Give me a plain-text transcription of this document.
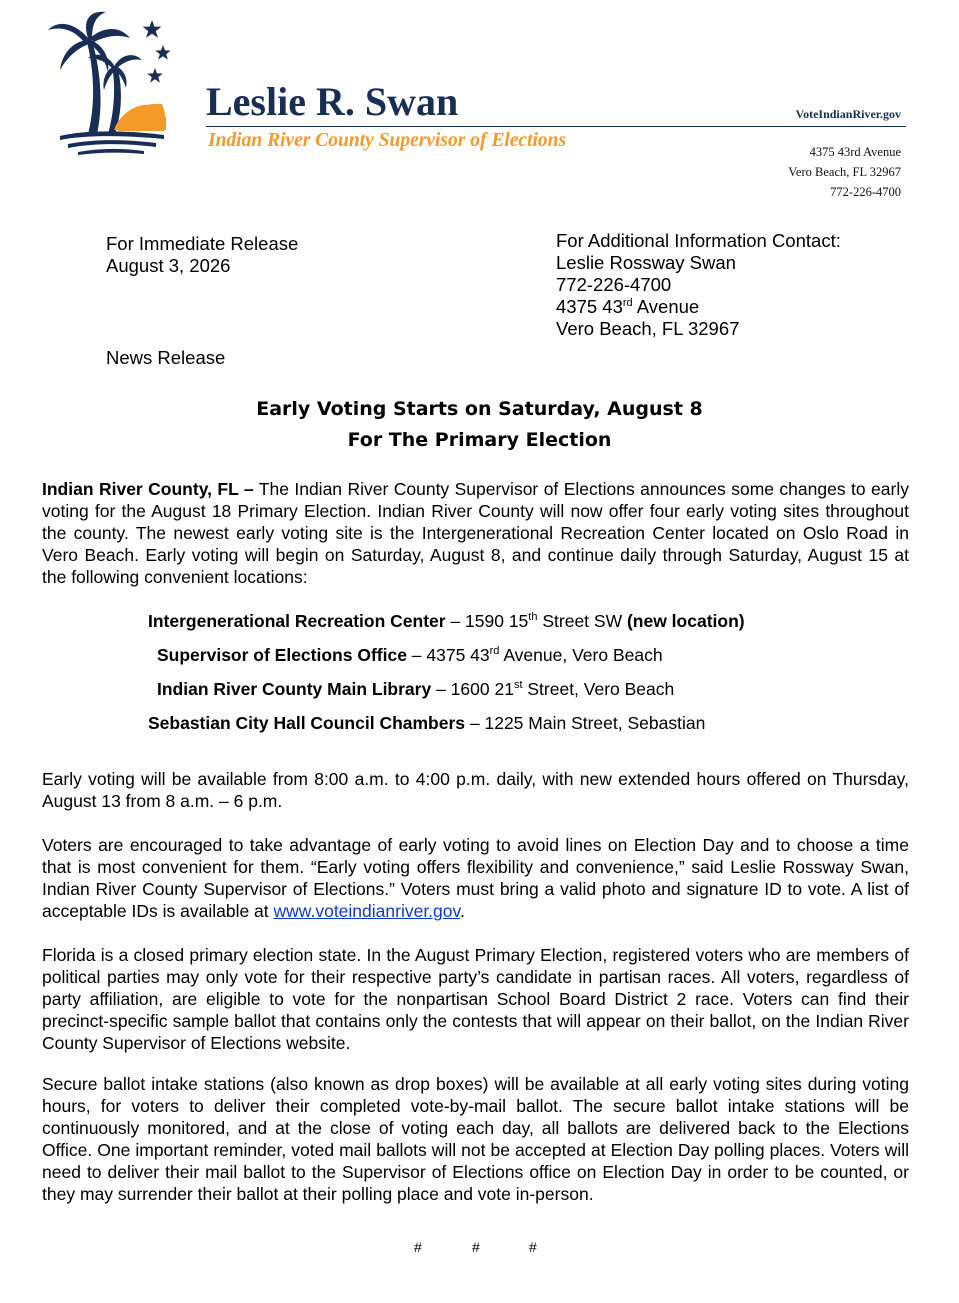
Leslie R. Swan	VoteIndianRiver.gov
Indian River County Supervisor of Elections
4375 43rd Avenue
Vero Beach, FL 32967
772-226-4700
For Immediate Release
August 3, 2026
For Additional Information Contact:
Leslie Rossway Swan
772-226-4700
4375 43rd Avenue
Vero Beach, FL 32967
News Release
Early Voting Starts on Saturday, August 8
For The Primary Election
Indian River County, FL – The Indian River County Supervisor of Elections announces some changes to early voting for the August 18 Primary Election. Indian River County will now offer four early voting sites throughout the county. The newest early voting site is the Intergenerational Recreation Center located on Oslo Road in Vero Beach. Early voting will begin on Saturday, August 8, and continue daily through Saturday, August 15 at the following convenient locations:
Intergenerational Recreation Center – 1590 15th Street SW (new location)
Supervisor of Elections Office – 4375 43rd Avenue, Vero Beach
Indian River County Main Library – 1600 21st Street, Vero Beach
Sebastian City Hall Council Chambers – 1225 Main Street, Sebastian
Early voting will be available from 8:00 a.m. to 4:00 p.m. daily, with new extended hours offered on Thursday, August 13 from 8 a.m. – 6 p.m.
Voters are encouraged to take advantage of early voting to avoid lines on Election Day and to choose a time that is most convenient for them. “Early voting offers flexibility and convenience,” said Leslie Rossway Swan, Indian River County Supervisor of Elections.” Voters must bring a valid photo and signature ID to vote. A list of acceptable IDs is available at www.voteindianriver.gov.
Florida is a closed primary election state. In the August Primary Election, registered voters who are members of political parties may only vote for their respective party’s candidate in partisan races. All voters, regardless of party affiliation, are eligible to vote for the nonpartisan School Board District 2 race. Voters can find their precinct-specific sample ballot that contains only the contests that will appear on their ballot, on the Indian River County Supervisor of Elections website.
Secure ballot intake stations (also known as drop boxes) will be available at all early voting sites during voting hours, for voters to deliver their completed vote-by-mail ballot. The secure ballot intake stations will be continuously monitored, and at the close of voting each day, all ballots are delivered back to the Elections Office. One important reminder, voted mail ballots will not be accepted at Election Day polling places. Voters will need to deliver their mail ballot to the Supervisor of Elections office on Election Day in order to be counted, or they may surrender their ballot at their polling place and vote in-person.
#	#	#
